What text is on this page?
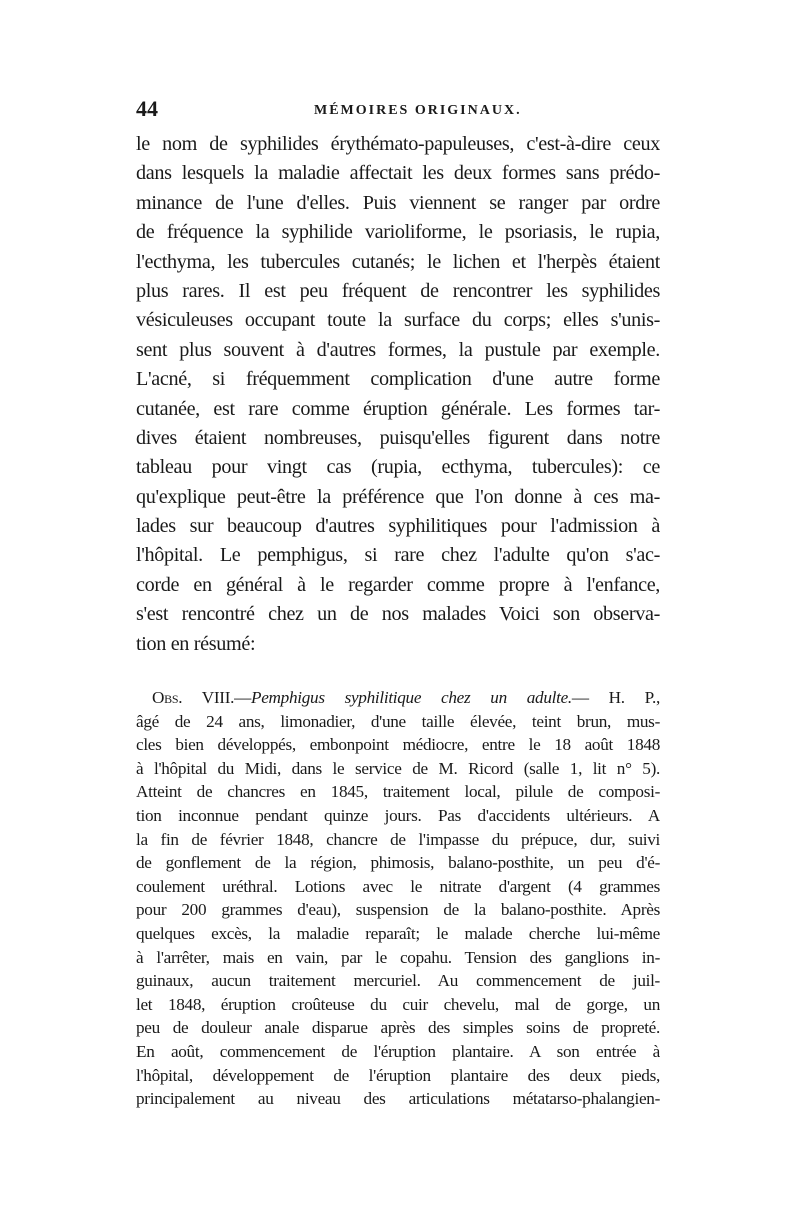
44	MÉMOIRES ORIGINAUX.
le nom de syphilides érythémato-papuleuses, c'est-à-dire ceux
dans lesquels la maladie affectait les deux formes sans prédo-
minance de l'une d'elles. Puis viennent se ranger par ordre
de fréquence la syphilide varioliforme, le psoriasis, le rupia,
l'ecthyma, les tubercules cutanés; le lichen et l'herpès étaient
plus rares. Il est peu fréquent de rencontrer les syphilides
vésiculeuses occupant toute la surface du corps; elles s'unis-
sent plus souvent à d'autres formes, la pustule par exemple.
L'acné, si fréquemment complication d'une autre forme
cutanée, est rare comme éruption générale. Les formes tar-
dives étaient nombreuses, puisqu'elles figurent dans notre
tableau pour vingt cas (rupia, ecthyma, tubercules): ce
qu'explique peut-être la préférence que l'on donne à ces ma-
lades sur beaucoup d'autres syphilitiques pour l'admission à
l'hôpital. Le pemphigus, si rare chez l'adulte qu'on s'ac-
corde en général à le regarder comme propre à l'enfance,
s'est rencontré chez un de nos malades Voici son observa-
tion en résumé:
Obs. VIII.—Pemphigus syphilitique chez un adulte.— H. P.,
âgé de 24 ans, limonadier, d'une taille élevée, teint brun, mus-
cles bien développés, embonpoint médiocre, entre le 18 août 1848
à l'hôpital du Midi, dans le service de M. Ricord (salle 1, lit n° 5).
Atteint de chancres en 1845, traitement local, pilule de composi-
tion inconnue pendant quinze jours. Pas d'accidents ultérieurs. A
la fin de février 1848, chancre de l'impasse du prépuce, dur, suivi
de gonflement de la région, phimosis, balano-posthite, un peu d'é-
coulement uréthral. Lotions avec le nitrate d'argent (4 grammes
pour 200 grammes d'eau), suspension de la balano-posthite. Après
quelques excès, la maladie reparaît; le malade cherche lui-même
à l'arrêter, mais en vain, par le copahu. Tension des ganglions in-
guinaux, aucun traitement mercuriel. Au commencement de juil-
let 1848, éruption croûteuse du cuir chevelu, mal de gorge, un
peu de douleur anale disparue après des simples soins de propreté.
En août, commencement de l'éruption plantaire. A son entrée à
l'hôpital, développement de l'éruption plantaire des deux pieds,
principalement au niveau des articulations métatarso-phalangien-
